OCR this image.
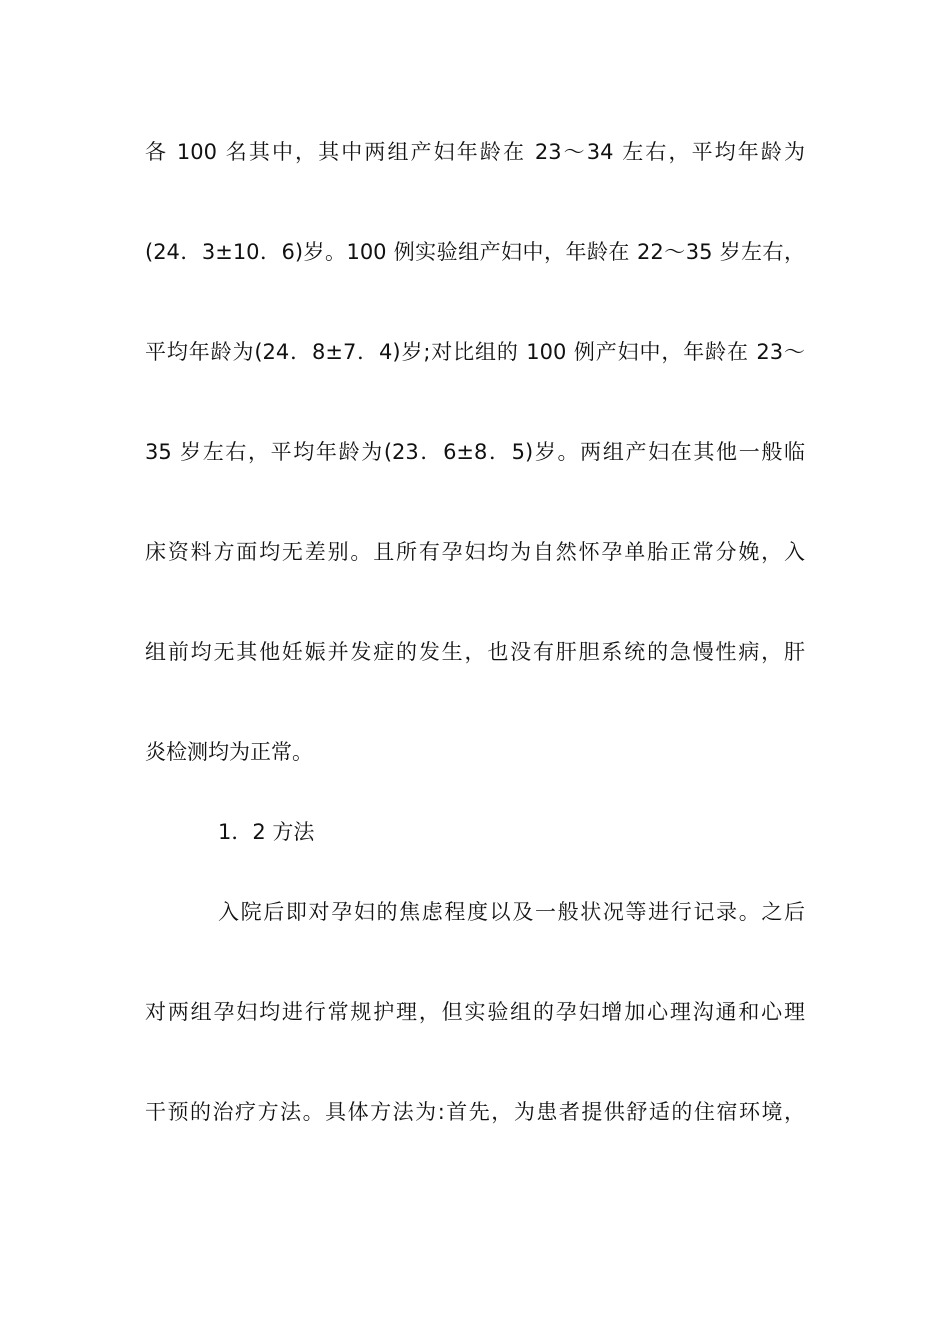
各 100 名其中，其中两组产妇年龄在 23～34 左右，平均年龄为

(24．3±10．6)岁。100 例实验组产妇中，年龄在 22～35 岁左右，

平均年龄为(24．8±7．4)岁;对比组的 100 例产妇中，年龄在 23～

35 岁左右，平均年龄为(23．6±8．5)岁。两组产妇在其他一般临

床资料方面均无差别。且所有孕妇均为自然怀孕单胎正常分娩，入

组前均无其他妊娠并发症的发生，也没有肝胆系统的急慢性病，肝

炎检测均为正常。

1．2 方法

入院后即对孕妇的焦虑程度以及一般状况等进行记录。之后

对两组孕妇均进行常规护理，但实验组的孕妇增加心理沟通和心理

干预的治疗方法。具体方法为:首先，为患者提供舒适的住宿环境，
